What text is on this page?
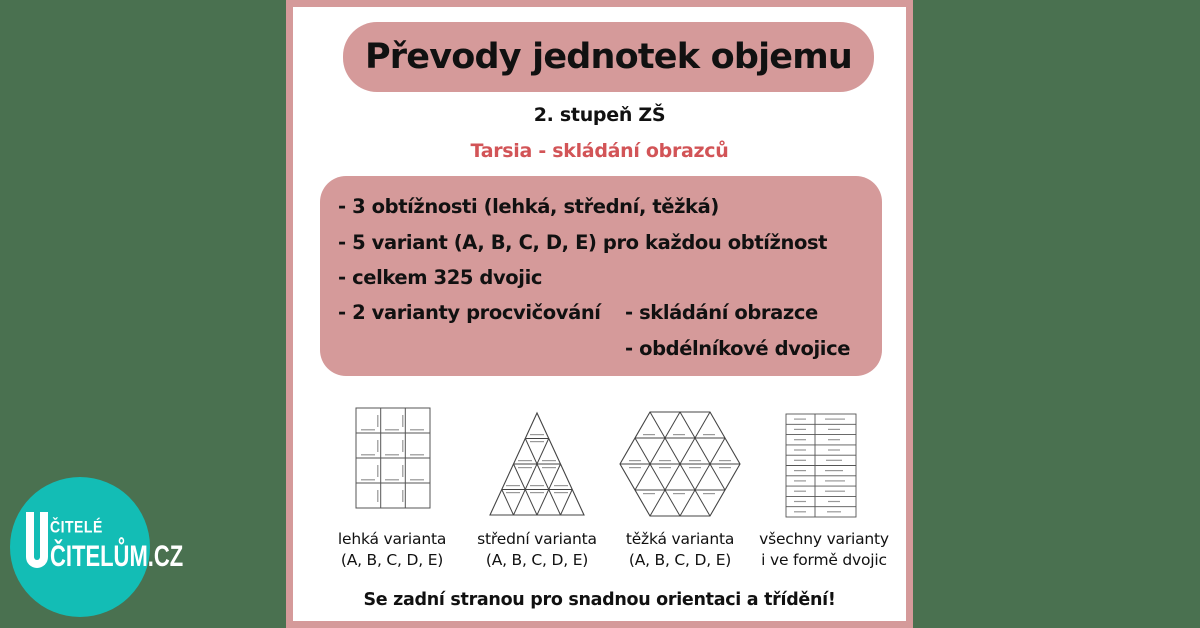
Převody jednotek objemu
2. stupeň ZŠ
Tarsia - skládání obrazců
- 3 obtížnosti (lehká, střední, těžká)
- 5 variant (A, B, C, D, E) pro každou obtížnost
- celkem 325 dvojic
- 2 varianty procvičování - skládání obrazce
- obdélníkové dvojice
lehká varianta
(A, B, C, D, E)
střední varianta
(A, B, C, D, E)
těžká varianta
(A, B, C, D, E)
všechny varianty
i ve formě dvojic
Se zadní stranou pro snadnou orientaci a třídění!
ČITELÉ
ČITELŮM.CZ
